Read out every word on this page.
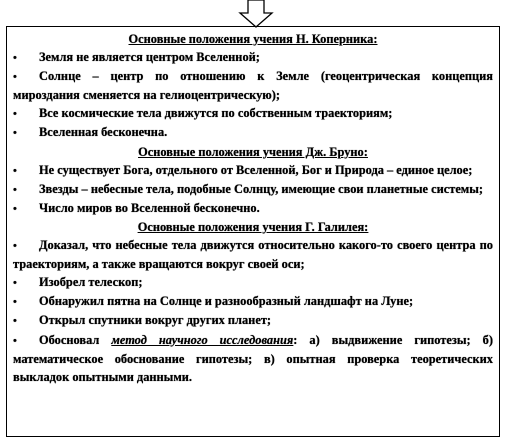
Основные положения учения Н. Коперника:
• Земля не является центром Вселенной;
• Солнце – центр по отношению к Земле (геоцентрическая концепция мироздания сменяется на гелиоцентрическую);
• Все космические тела движутся по собственным траекториям;
• Вселенная бесконечна.
Основные положения учения Дж. Бруно:
• Не существует Бога, отдельного от Вселенной, Бог и Природа – единое целое;
• Звезды – небесные тела, подобные Солнцу, имеющие свои планетные системы;
• Число миров во Вселенной бесконечно.
Основные положения учения Г. Галилея:
• Доказал, что небесные тела движутся относительно какого-то своего центра по траекториям, а также вращаются вокруг своей оси;
• Изобрел телескоп;
• Обнаружил пятна на Солнце и разнообразный ландшафт на Луне;
• Открыл спутники вокруг других планет;
• Обосновал метод научного исследования: а) выдвижение гипотезы; б) математическое обоснование гипотезы; в) опытная проверка теоретических выкладок опытными данными.
